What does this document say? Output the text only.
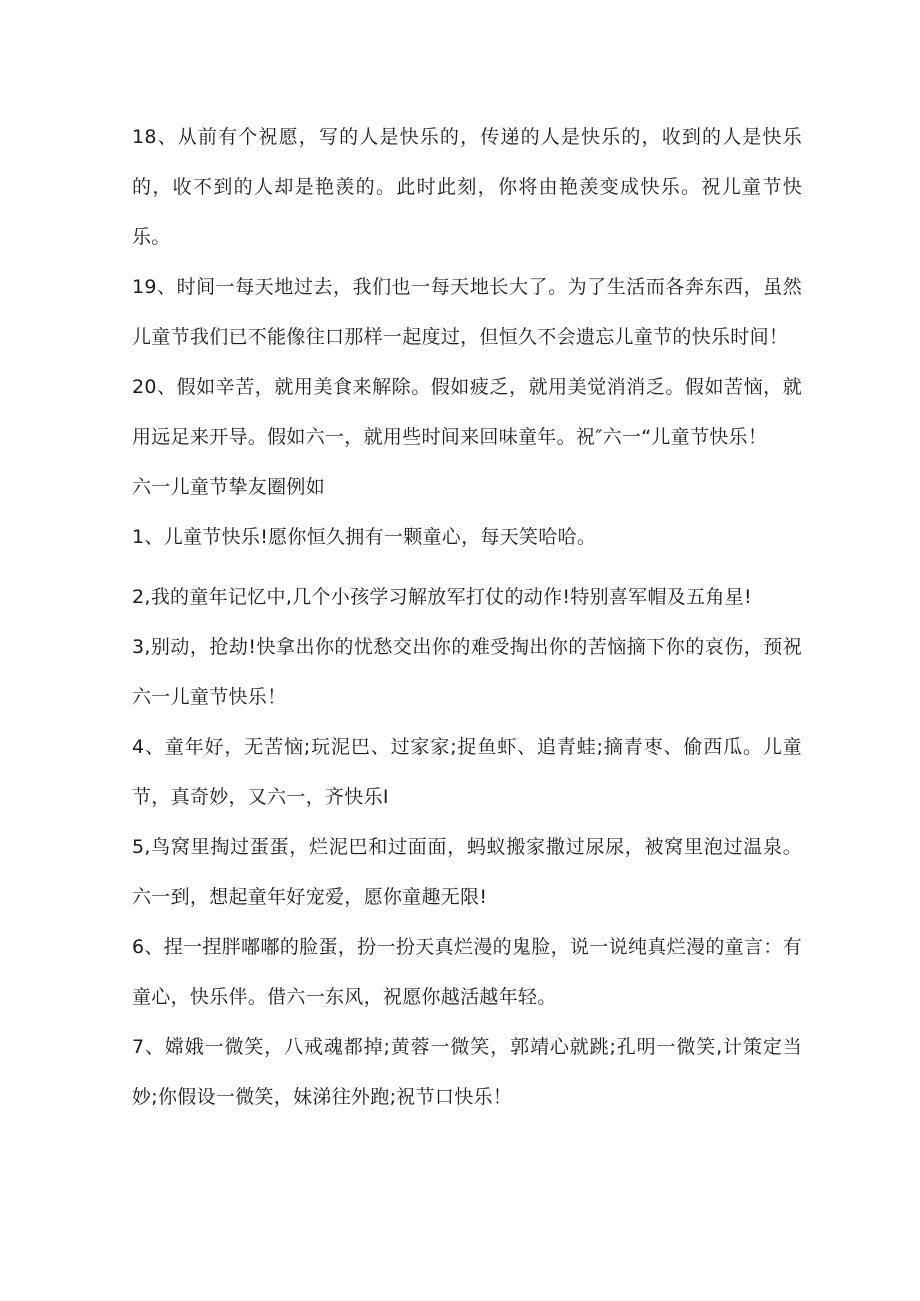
18、从前有个祝愿，写的人是快乐的，传递的人是快乐的，收到的人是快乐的，收不到的人却是艳羡的。此时此刻，你将由艳羡变成快乐。祝儿童节快乐。

19、时间一每天地过去，我们也一每天地长大了。为了生活而各奔东西，虽然儿童节我们已不能像往口那样一起度过，但恒久不会遗忘儿童节的快乐时间！

20、假如辛苦，就用美食来解除。假如疲乏，就用美觉消消乏。假如苦恼，就用远足来开导。假如六一，就用些时间来回味童年。祝″六一“儿童节快乐！

六一儿童节挚友圈例如

1、儿童节快乐!愿你恒久拥有一颗童心，每天笑哈哈。

2,我的童年记忆中,几个小孩学习解放军打仗的动作!特别喜军帽及五角星!

3,别动，抢劫!快拿出你的忧愁交出你的难受掏出你的苦恼摘下你的哀伤，预祝六一儿童节快乐！

4、童年好，无苦恼;玩泥巴、过家家;捉鱼虾、追青蛙;摘青枣、偷西瓜。儿童节，真奇妙，又六一，齐快乐I

5,鸟窝里掏过蛋蛋，烂泥巴和过面面，蚂蚁搬家撒过尿尿，被窝里泡过温泉。六一到，想起童年好宠爱，愿你童趣无限!

6、捏一捏胖嘟嘟的脸蛋，扮一扮天真烂漫的鬼脸，说一说纯真烂漫的童言：有童心，快乐伴。借六一东风，祝愿你越活越年轻。

7、嫦娥一微笑，八戒魂都掉;黄蓉一微笑，郭靖心就跳;孔明一微笑,计策定当妙;你假设一微笑，妹涕往外跑;祝节口快乐！
